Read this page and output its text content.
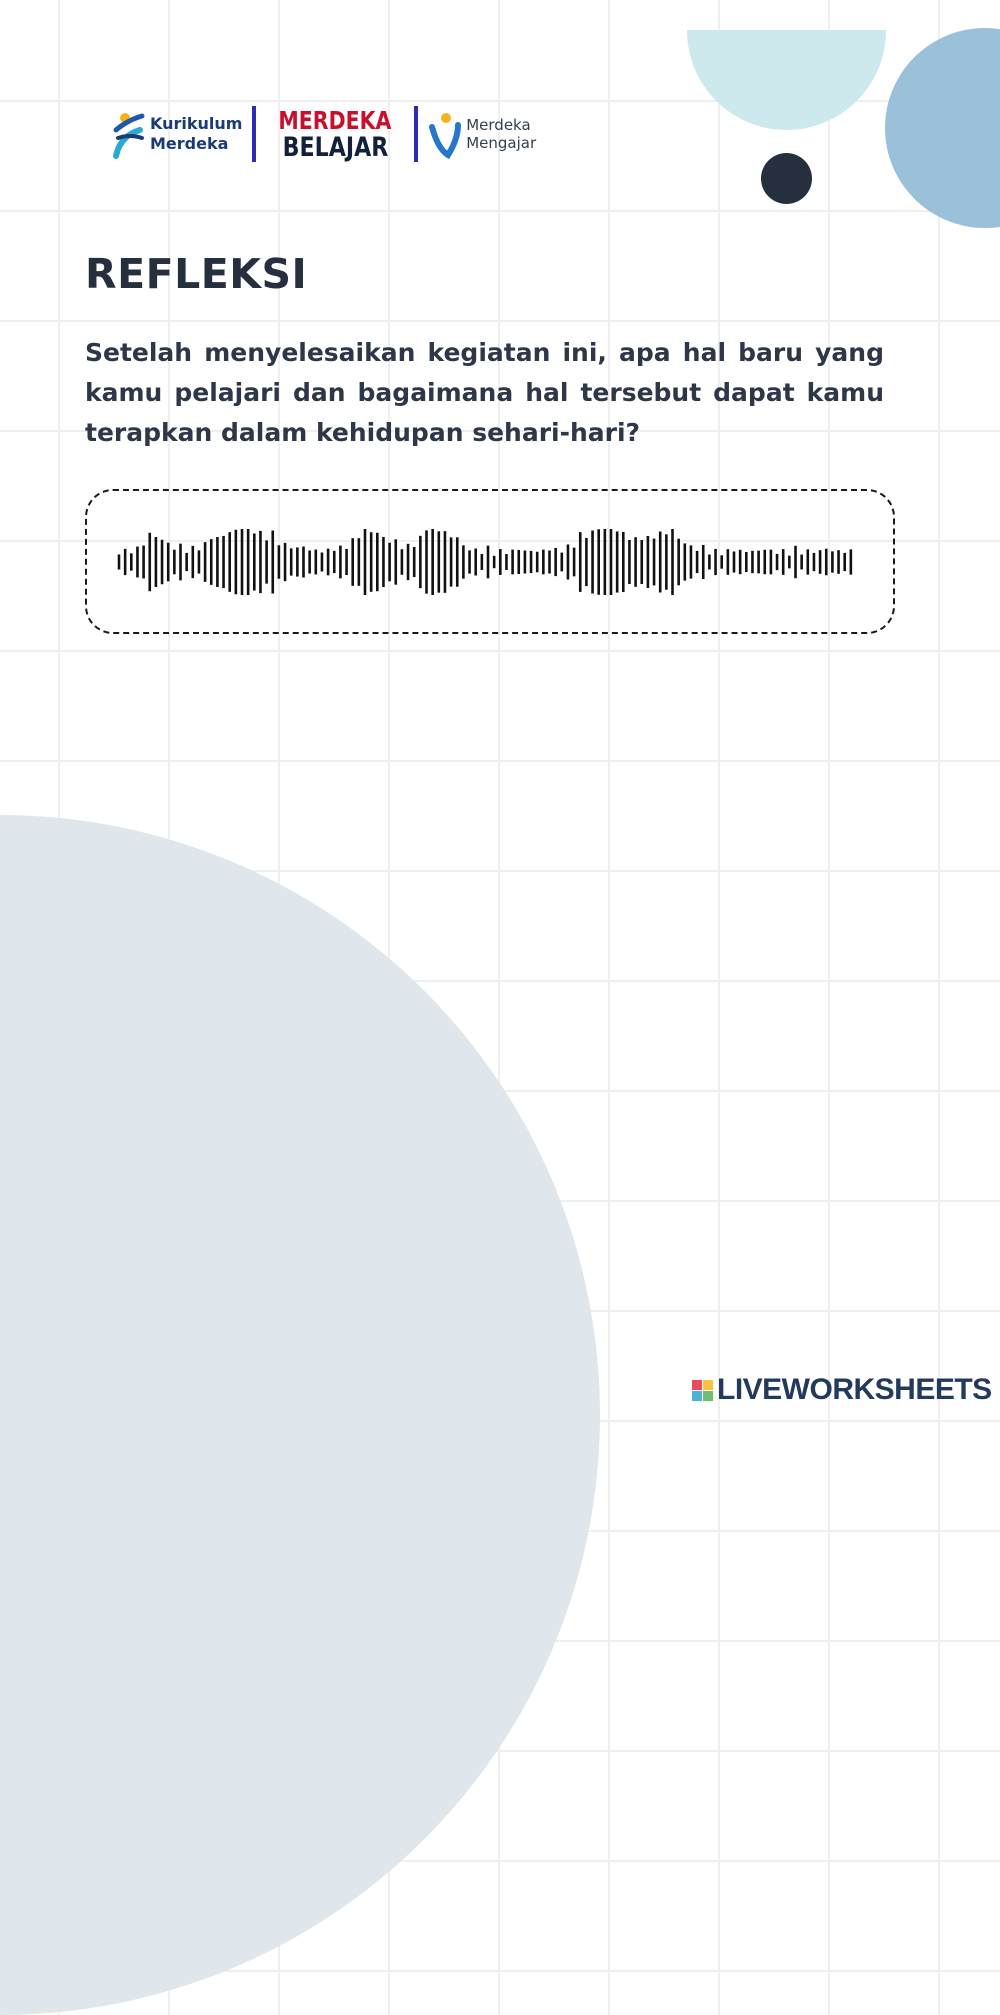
Kurikulum
Merdeka
MERDEKA
BELAJAR
Merdeka
Mengajar
REFLEKSI
Setelah menyelesaikan kegiatan ini, apa hal baru yang kamu pelajari dan bagaimana hal tersebut dapat kamu terapkan dalam kehidupan sehari-hari?
LIVEWORKSHEETS
